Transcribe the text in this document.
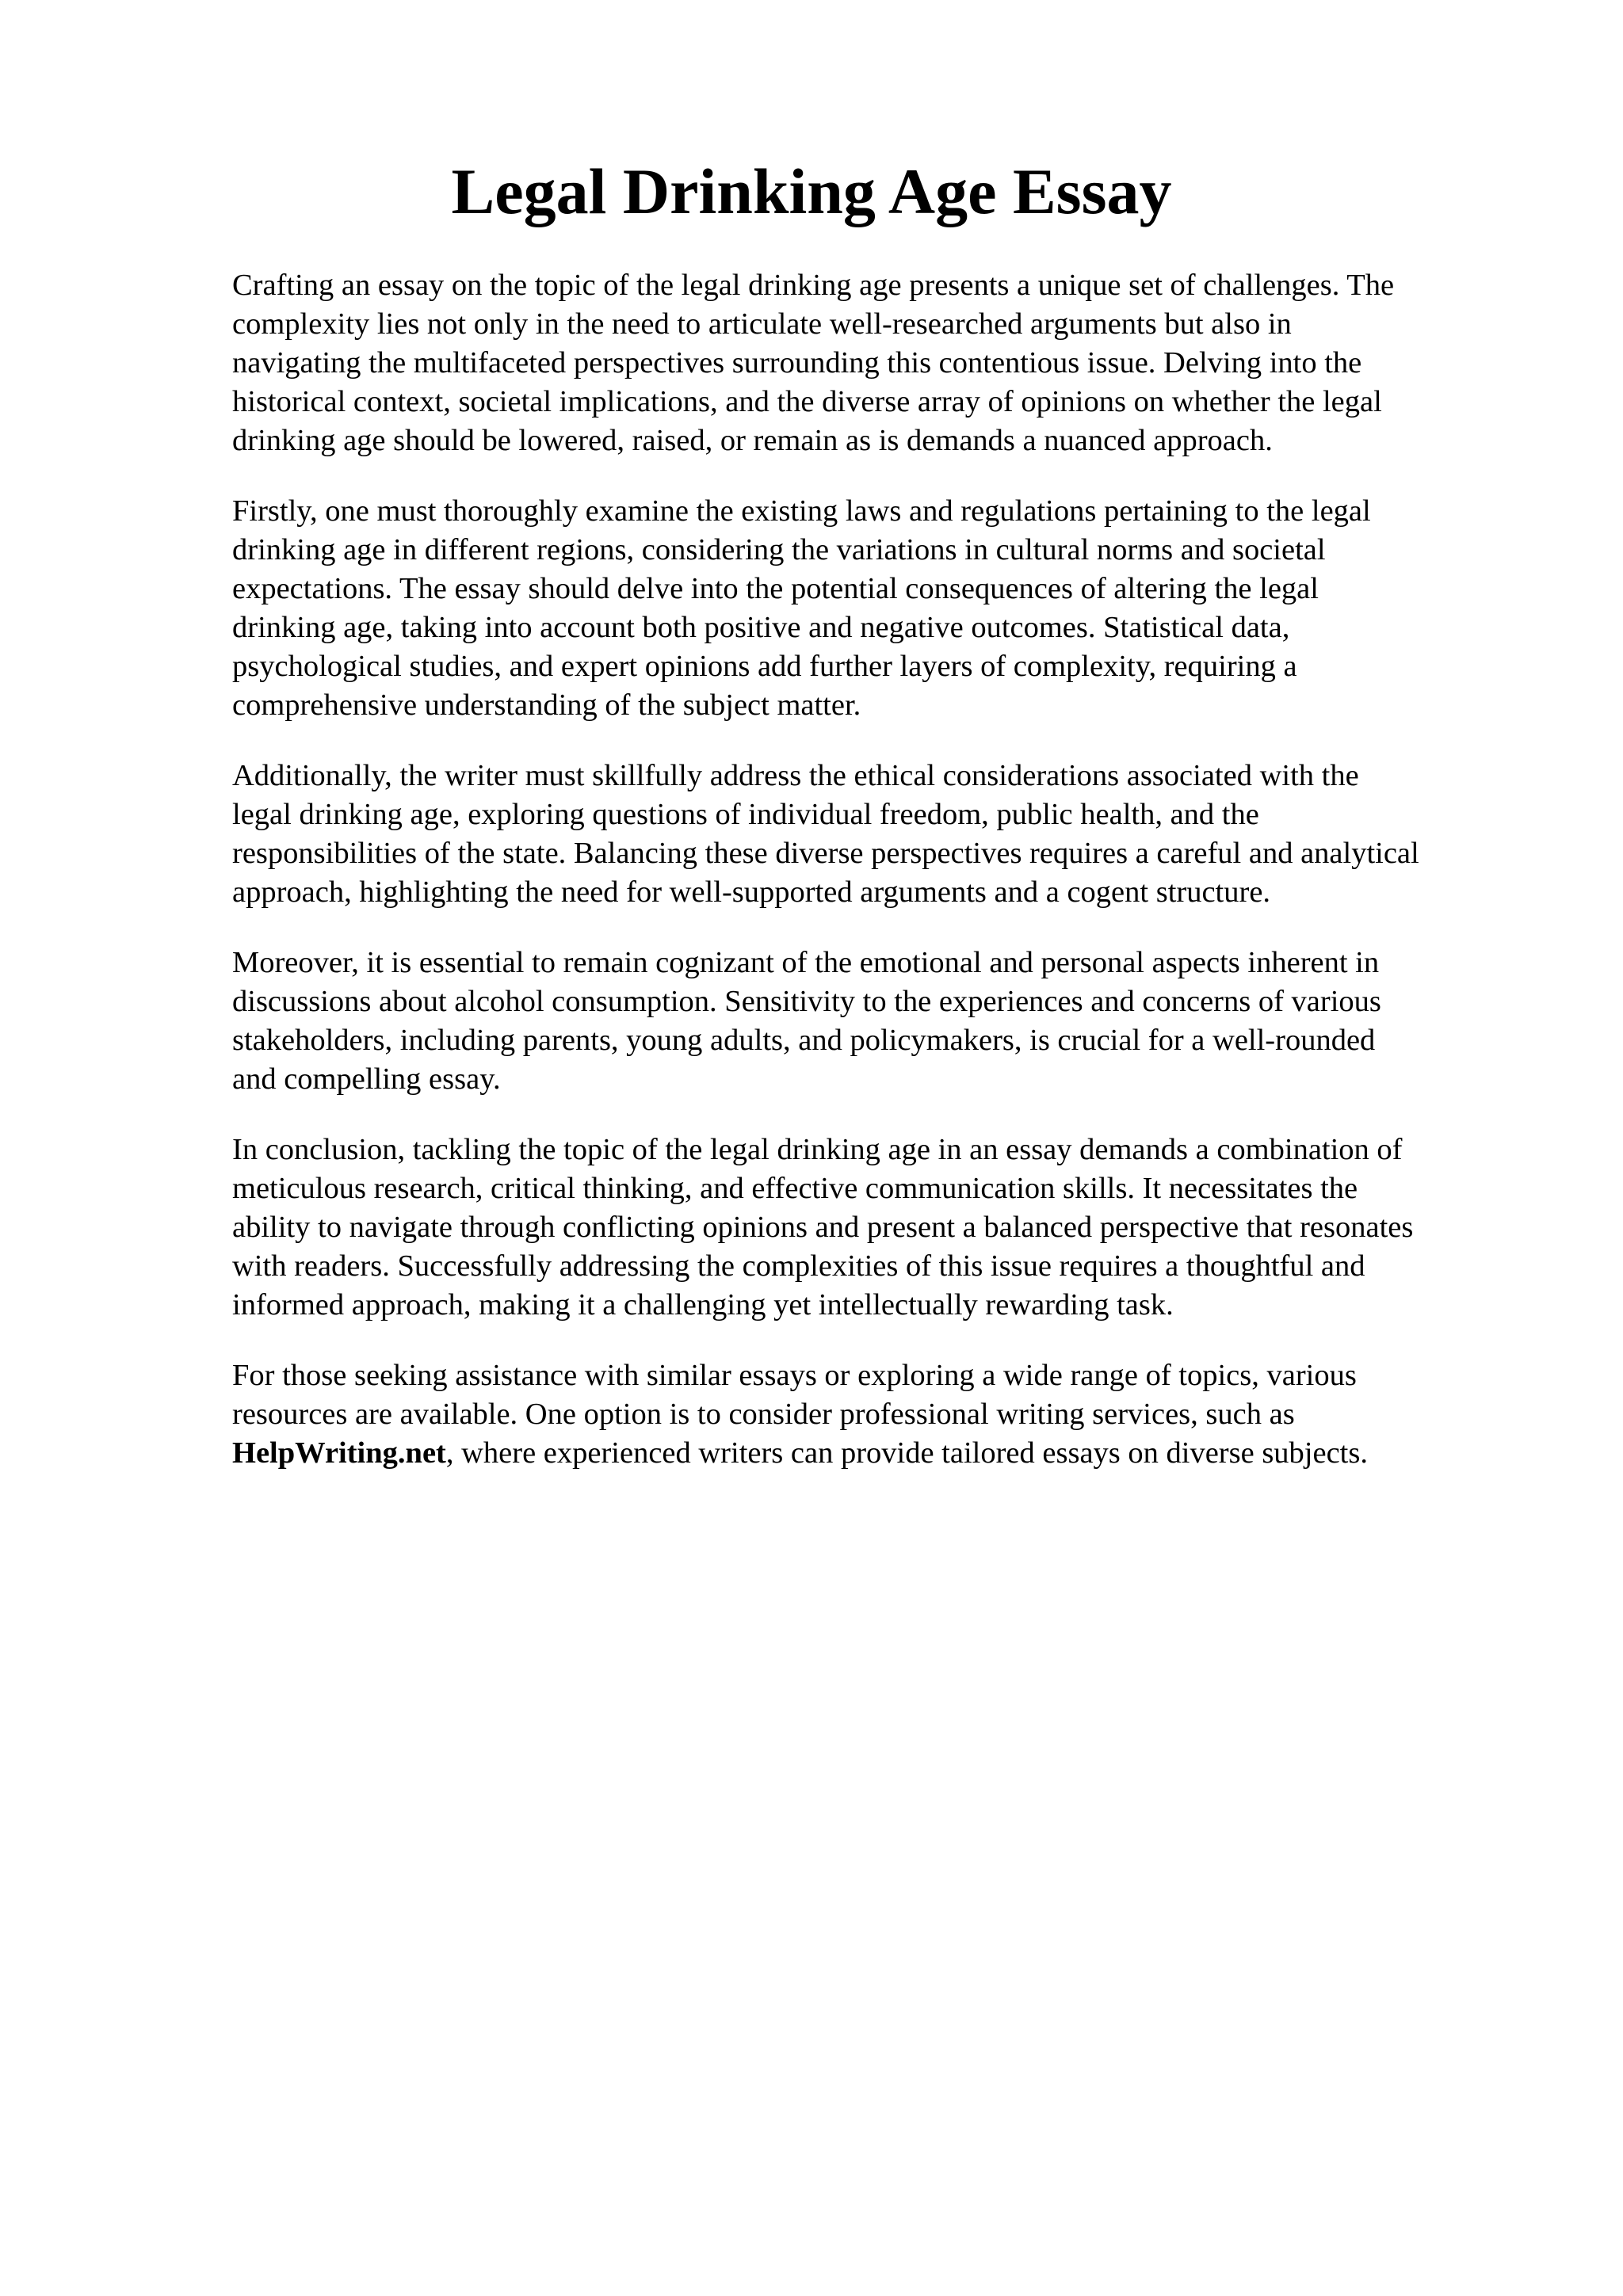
Legal Drinking Age Essay

Crafting an essay on the topic of the legal drinking age presents a unique set of challenges. The
complexity lies not only in the need to articulate well-researched arguments but also in
navigating the multifaceted perspectives surrounding this contentious issue. Delving into the
historical context, societal implications, and the diverse array of opinions on whether the legal
drinking age should be lowered, raised, or remain as is demands a nuanced approach.

Firstly, one must thoroughly examine the existing laws and regulations pertaining to the legal
drinking age in different regions, considering the variations in cultural norms and societal
expectations. The essay should delve into the potential consequences of altering the legal
drinking age, taking into account both positive and negative outcomes. Statistical data,
psychological studies, and expert opinions add further layers of complexity, requiring a
comprehensive understanding of the subject matter.

Additionally, the writer must skillfully address the ethical considerations associated with the
legal drinking age, exploring questions of individual freedom, public health, and the
responsibilities of the state. Balancing these diverse perspectives requires a careful and analytical
approach, highlighting the need for well-supported arguments and a cogent structure.

Moreover, it is essential to remain cognizant of the emotional and personal aspects inherent in
discussions about alcohol consumption. Sensitivity to the experiences and concerns of various
stakeholders, including parents, young adults, and policymakers, is crucial for a well-rounded
and compelling essay.

In conclusion, tackling the topic of the legal drinking age in an essay demands a combination of
meticulous research, critical thinking, and effective communication skills. It necessitates the
ability to navigate through conflicting opinions and present a balanced perspective that resonates
with readers. Successfully addressing the complexities of this issue requires a thoughtful and
informed approach, making it a challenging yet intellectually rewarding task.

For those seeking assistance with similar essays or exploring a wide range of topics, various
resources are available. One option is to consider professional writing services, such as
HelpWriting.net, where experienced writers can provide tailored essays on diverse subjects.
